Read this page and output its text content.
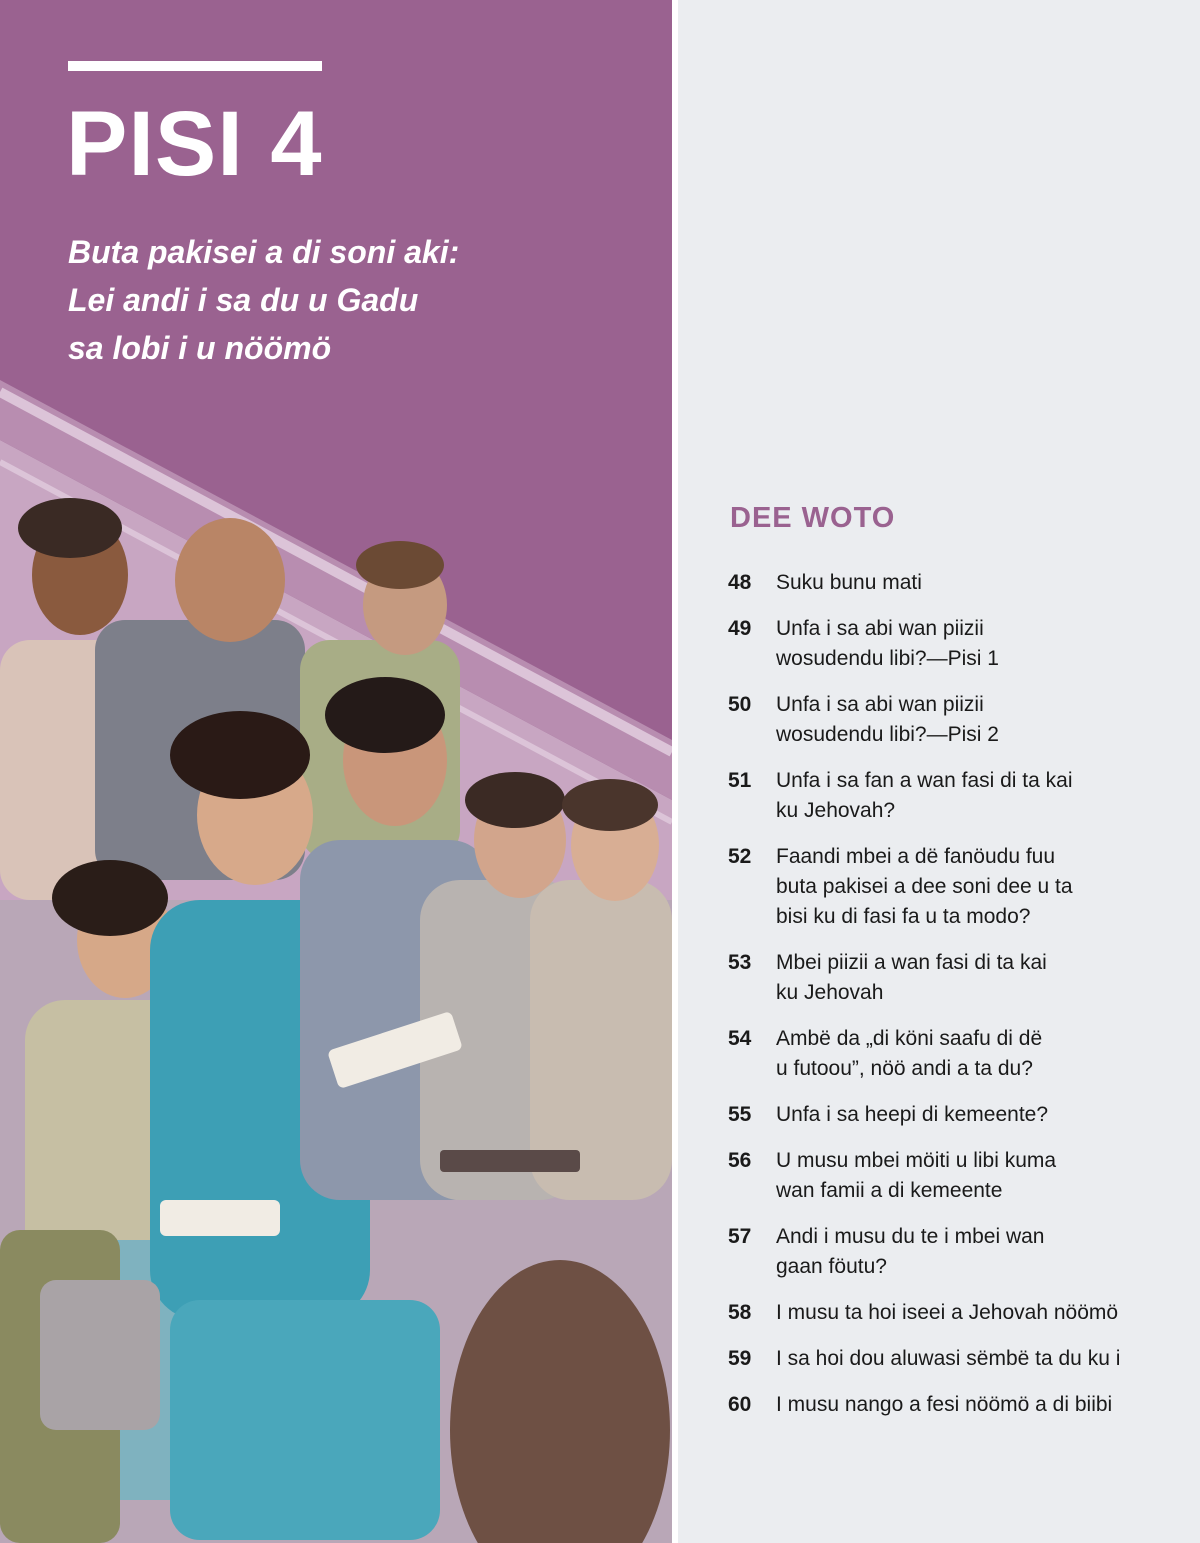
PISI 4

Buta pakisei a di soni aki:
Lei andi i sa du u Gadu
sa lobi i u nöömö

DEE WOTO
48	Suku bunu mati
49	Unfa i sa abi wan piizii
wosudendu libi?—Pisi 1
50	Unfa i sa abi wan piizii
wosudendu libi?—Pisi 2
51	Unfa i sa fan a wan fasi di ta kai
ku Jehovah?
52	Faandi mbei a dë fanöudu fuu
buta pakisei a dee soni dee u ta
bisi ku di fasi fa u ta modo?
53	Mbei piizii a wan fasi di ta kai
ku Jehovah
54	Ambë da „di köni saafu di dë
u futoou”, nöö andi a ta du?
55	Unfa i sa heepi di kemeente?
56	U musu mbei möiti u libi kuma
wan famii a di kemeente
57	Andi i musu du te i mbei wan
gaan föutu?
58	I musu ta hoi iseei a Jehovah nöömö
59	I sa hoi dou aluwasi sëmbë ta du ku i
60	I musu nango a fesi nöömö a di biibi
